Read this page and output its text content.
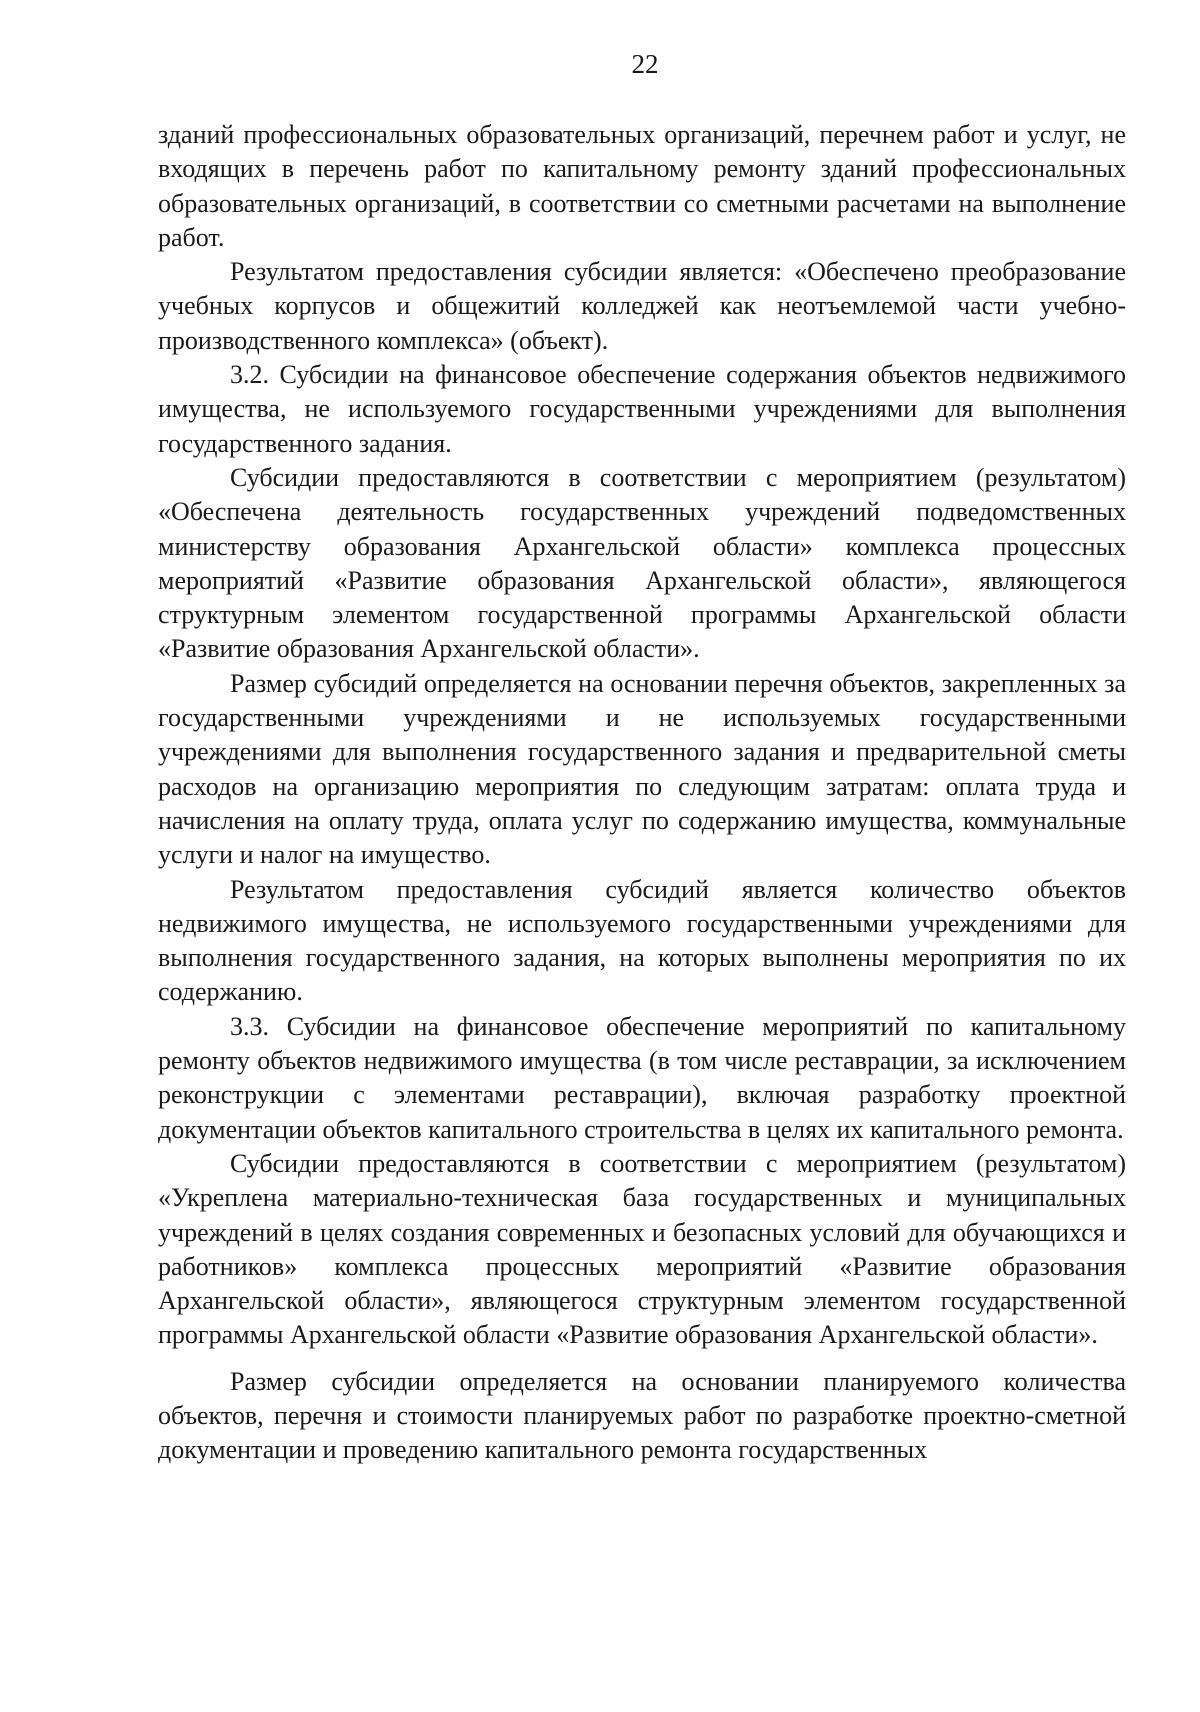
22

зданий профессиональных образовательных организаций, перечнем работ и услуг, не входящих в перечень работ по капитальному ремонту зданий профессиональных образовательных организаций, в соответствии со сметными расчетами на выполнение работ.

Результатом предоставления субсидии является: «Обеспечено преобразование учебных корпусов и общежитий колледжей как неотъемлемой части учебно-производственного комплекса» (объект).

3.2. Субсидии на финансовое обеспечение содержания объектов недвижимого имущества, не используемого государственными учреждениями для выполнения государственного задания.

Субсидии предоставляются в соответствии с мероприятием (результатом) «Обеспечена деятельность государственных учреждений подведомственных министерству образования Архангельской области» комплекса процессных мероприятий «Развитие образования Архангельской области», являющегося структурным элементом государственной программы Архангельской области «Развитие образования Архангельской области».

Размер субсидий определяется на основании перечня объектов, закрепленных за государственными учреждениями и не используемых государственными учреждениями для выполнения государственного задания и предварительной сметы расходов на организацию мероприятия по следующим затратам: оплата труда и начисления на оплату труда, оплата услуг по содержанию имущества, коммунальные услуги и налог на имущество.

Результатом предоставления субсидий является количество объектов недвижимого имущества, не используемого государственными учреждениями для выполнения государственного задания, на которых выполнены мероприятия по их содержанию.

3.3. Субсидии на финансовое обеспечение мероприятий по капитальному ремонту объектов недвижимого имущества (в том числе реставрации, за исключением реконструкции с элементами реставрации), включая разработку проектной документации объектов капитального строительства в целях их капитального ремонта.

Субсидии предоставляются в соответствии с мероприятием (результатом) «Укреплена материально-техническая база государственных и муниципальных учреждений в целях создания современных и безопасных условий для обучающихся и работников» комплекса процессных мероприятий «Развитие образования Архангельской области», являющегося структурным элементом государственной программы Архангельской области «Развитие образования Архангельской области».

Размер субсидии определяется на основании планируемого количества объектов, перечня и стоимости планируемых работ по разработке проектно-сметной документации и проведению капитального ремонта государственных
